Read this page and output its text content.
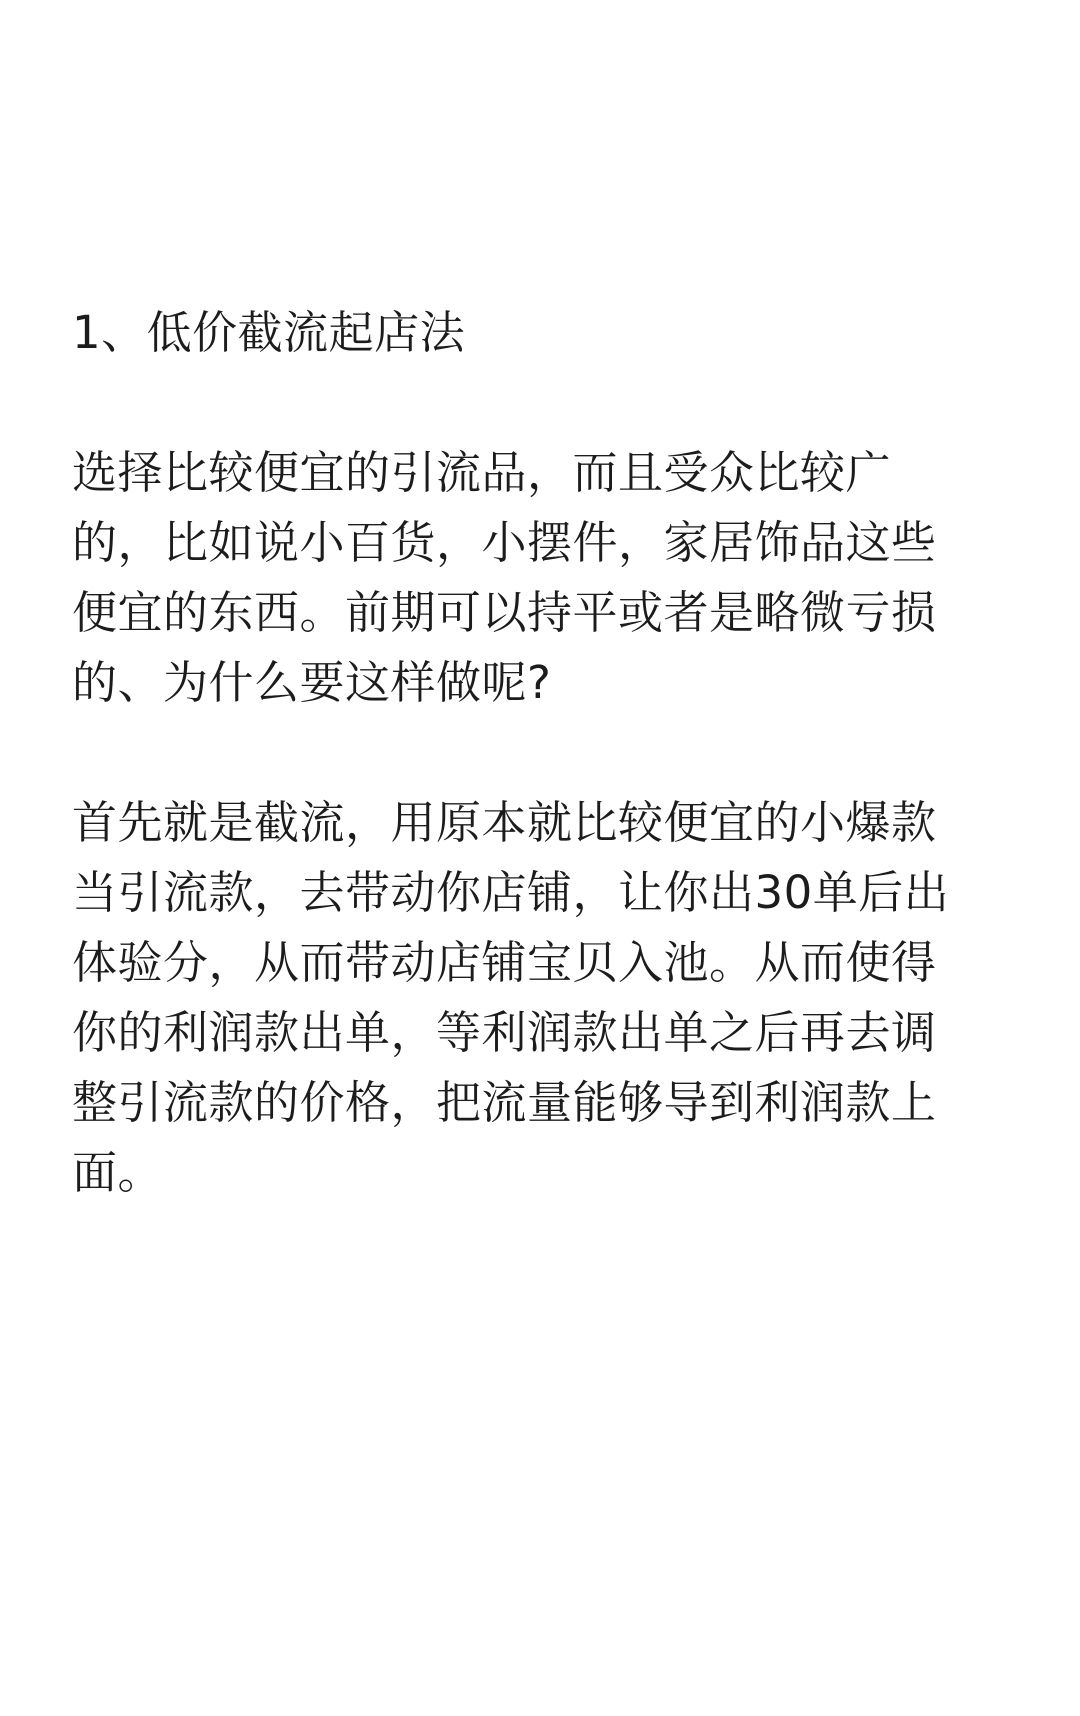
1、低价截流起店法
选择比较便宜的引流品，而且受众比较广
的，比如说小百货，小摆件，家居饰品这些
便宜的东西。前期可以持平或者是略微亏损
的、为什么要这样做呢?
首先就是截流，用原本就比较便宜的小爆款
当引流款，去带动你店铺，让你出30单后出
体验分，从而带动店铺宝贝入池。从而使得
你的利润款出单，等利润款出单之后再去调
整引流款的价格，把流量能够导到利润款上
面。
